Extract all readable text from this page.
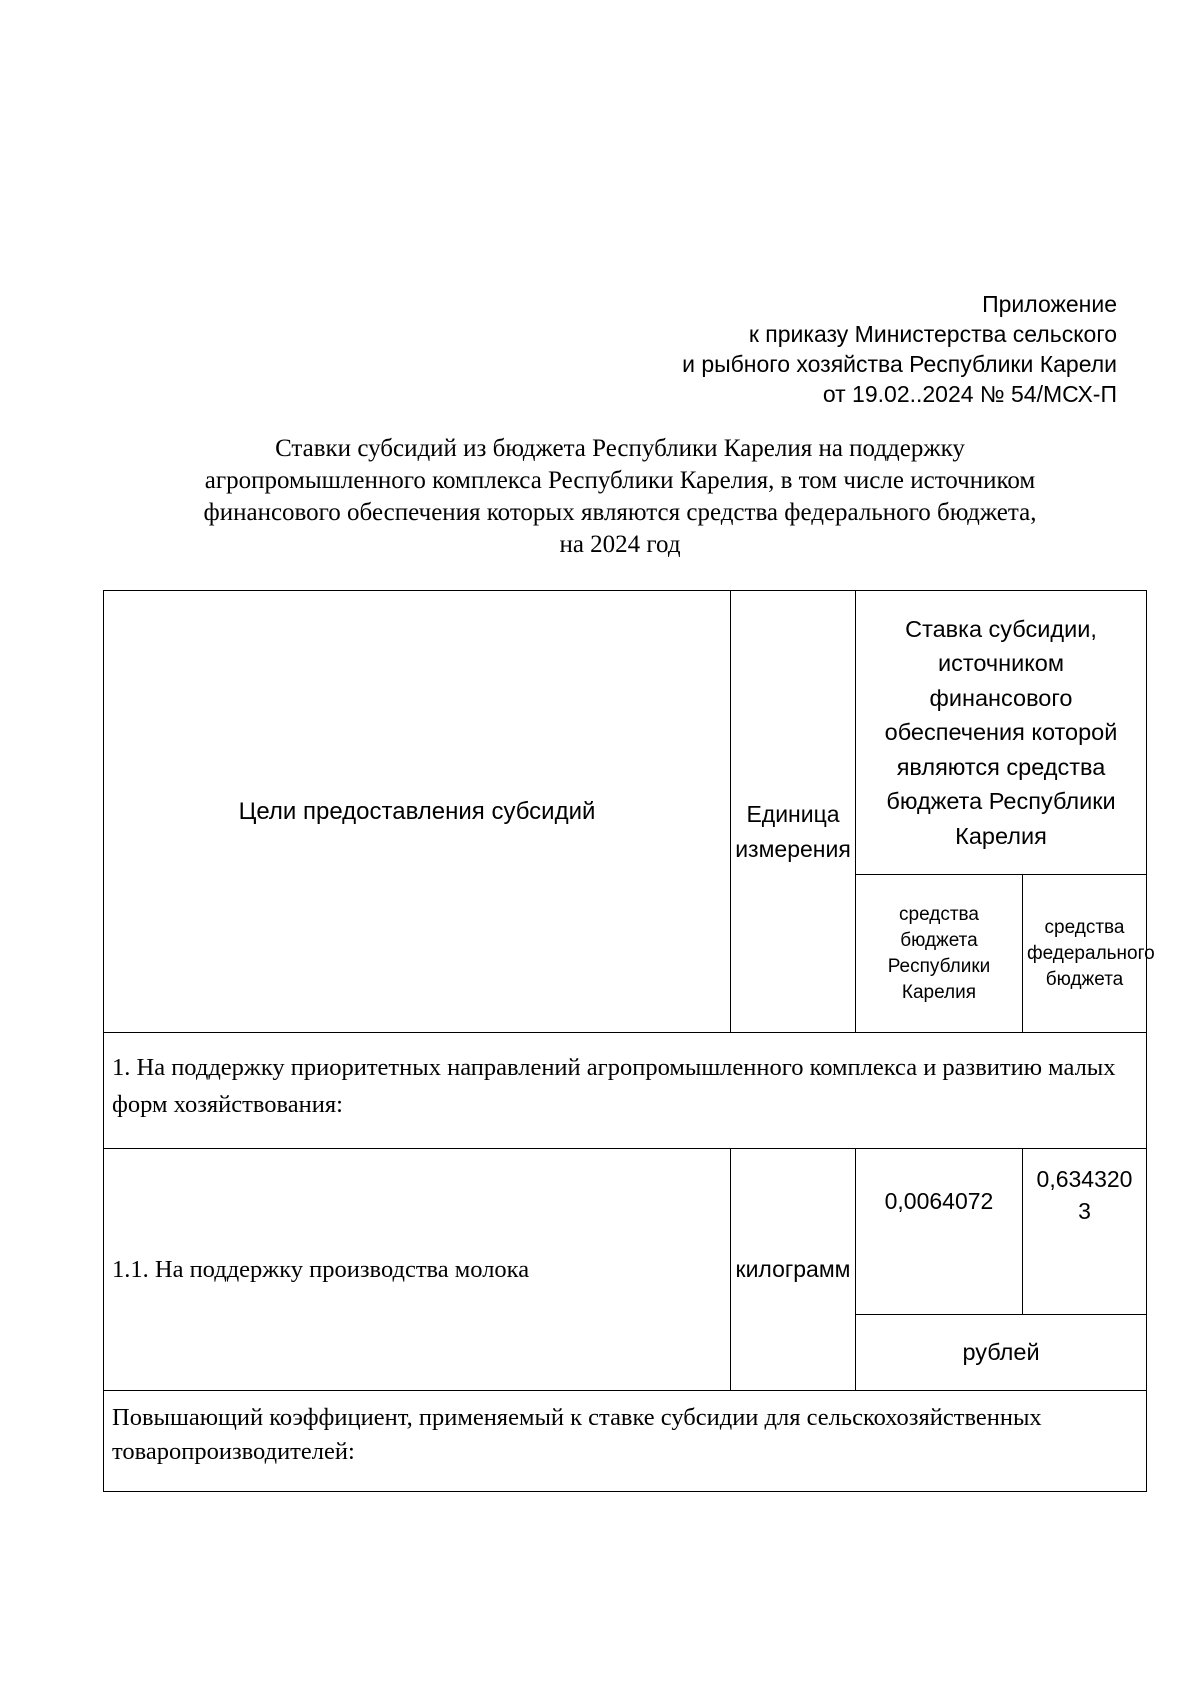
Приложение
к приказу Министерства сельского
и рыбного хозяйства Республики Карели
от 19.02..2024 № 54/МСХ-П
Ставки субсидий из бюджета Республики Карелия на поддержку
агропромышленного комплекса Республики Карелия, в том числе источником
финансового обеспечения которых являются средства федерального бюджета,
на 2024 год
Цели предоставления субсидий	Единица измерения	Ставка субсидии, источником финансового обеспечения которой являются средства бюджета Республики Карелия	
		средства бюджета Республики Карелия	средства федерального бюджета
1. На поддержку приоритетных направлений агропромышленного комплекса и развитию малых форм хозяйствования:			
1.1. На поддержку производства молока	килограмм	0,0064072	0,6343203
		рублей	
Повышающий коэффициент, применяемый к ставке субсидии для сельскохозяйственных товаропроизводителей:			
